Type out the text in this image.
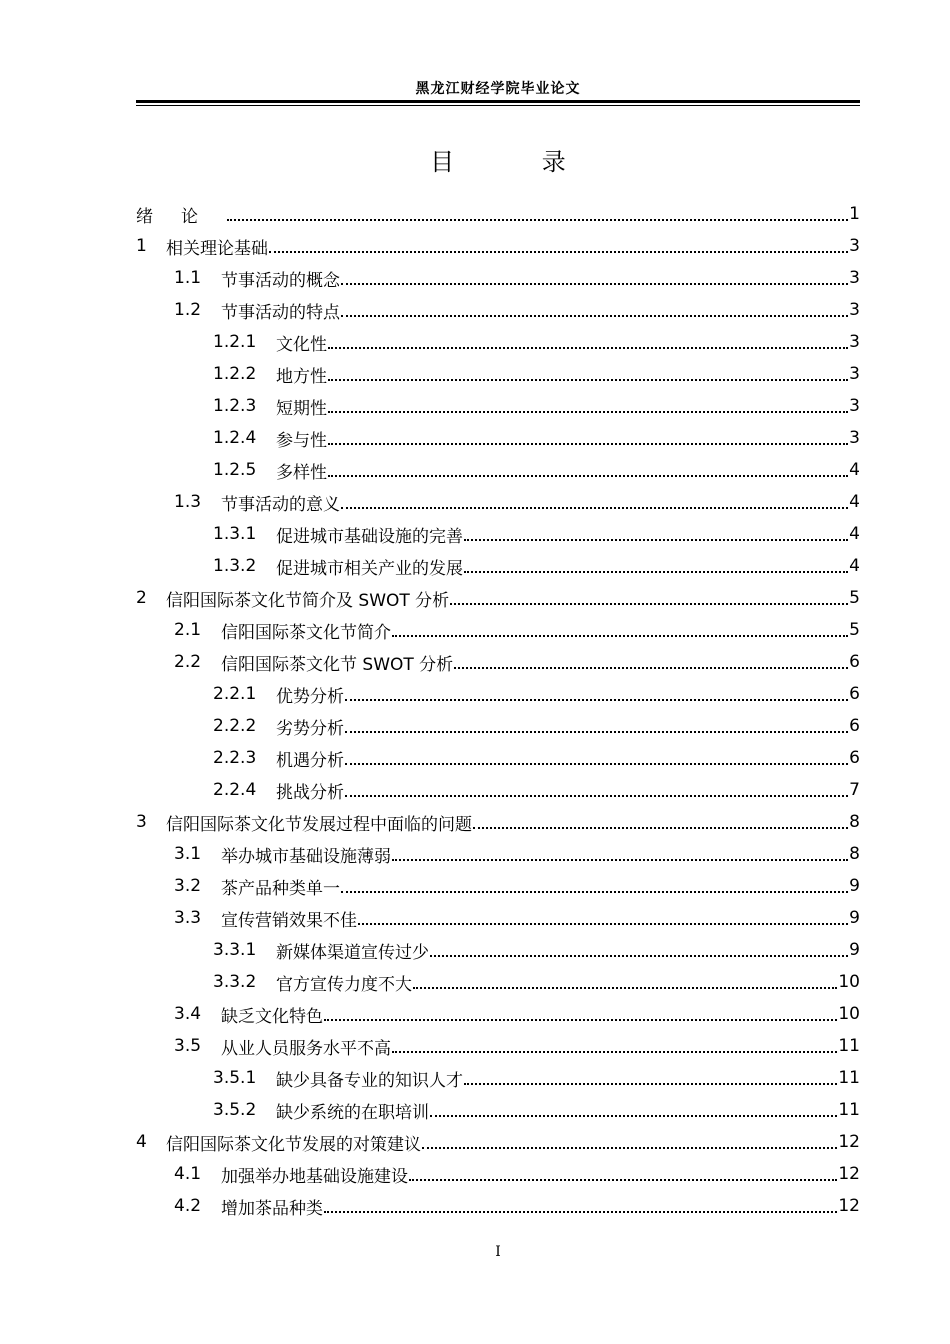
黑龙江财经学院毕业论文
目 录
绪论	1
1	相关理论基础	3
1.1	节事活动的概念	3
1.2	节事活动的特点	3
1.2.1	文化性	3
1.2.2	地方性	3
1.2.3	短期性	3
1.2.4	参与性	3
1.2.5	多样性	4
1.3	节事活动的意义	4
1.3.1	促进城市基础设施的完善	4
1.3.2	促进城市相关产业的发展	4
2	信阳国际茶文化节简介及 SWOT 分析	5
2.1	信阳国际茶文化节简介	5
2.2	信阳国际茶文化节 SWOT 分析	6
2.2.1	优势分析	6
2.2.2	劣势分析	6
2.2.3	机遇分析	6
2.2.4	挑战分析	7
3	信阳国际茶文化节发展过程中面临的问题	8
3.1	举办城市基础设施薄弱	8
3.2	茶产品种类单一	9
3.3	宣传营销效果不佳	9
3.3.1	新媒体渠道宣传过少	9
3.3.2	官方宣传力度不大	10
3.4	缺乏文化特色	10
3.5	从业人员服务水平不高	11
3.5.1	缺少具备专业的知识人才	11
3.5.2	缺少系统的在职培训	11
4	信阳国际茶文化节发展的对策建议	12
4.1	加强举办地基础设施建设	12
4.2	增加茶品种类	12
I
